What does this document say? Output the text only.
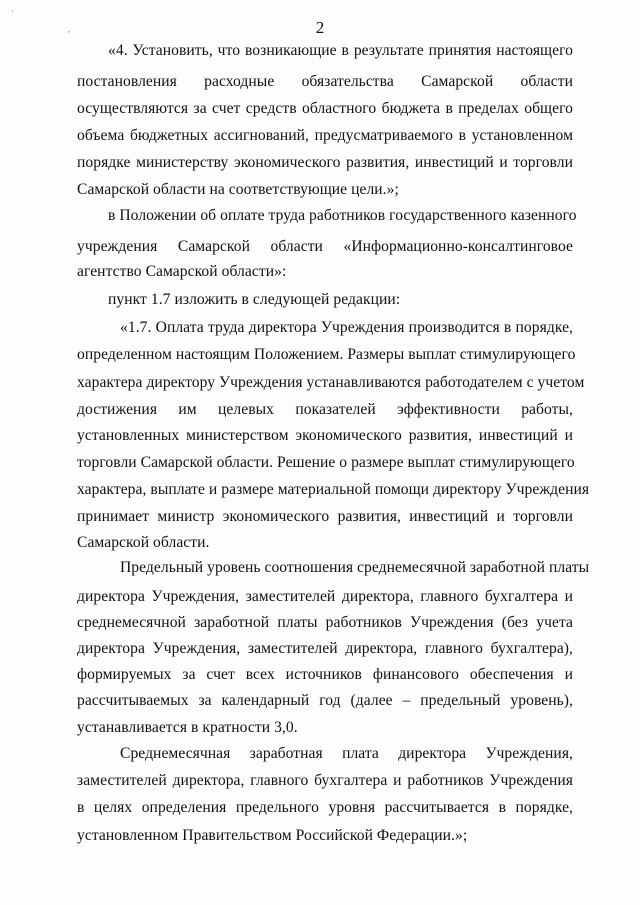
'
,	2
«4. Установить, что возникающие в результате принятия настоящего
постановления расходные обязательства Самарской области
осуществляются за счет средств областного бюджета в пределах общего
объема бюджетных ассигнований, предусматриваемого в установленном
порядке министерству экономического развития, инвестиций и торговли
Самарской области на соответствующие цели.»;
в Положении об оплате труда работников государственного казенного
учреждения Самарской области «Информационно-консалтинговое
агентство Самарской области»:
пункт 1.7 изложить в следующей редакции:
«1.7. Оплата труда директора Учреждения производится в порядке,
определенном настоящим Положением. Размеры выплат стимулирующего
характера директору Учреждения устанавливаются работодателем с учетом
достижения им целевых показателей эффективности работы,
установленных министерством экономического развития, инвестиций и
торговли Самарской области. Решение о размере выплат стимулирующего
характера, выплате и размере материальной помощи директору Учреждения
принимает министр экономического развития, инвестиций и торговли
Самарской области.
Предельный уровень соотношения среднемесячной заработной платы
директора Учреждения, заместителей директора, главного бухгалтера и
среднемесячной заработной платы работников Учреждения (без учета
директора Учреждения, заместителей директора, главного бухгалтера),
формируемых за счет всех источников финансового обеспечения и
рассчитываемых за календарный год (далее – предельный уровень),
устанавливается в кратности 3,0.
Среднемесячная заработная плата директора Учреждения,
заместителей директора, главного бухгалтера и работников Учреждения
в целях определения предельного уровня рассчитывается в порядке,
установленном Правительством Российской Федерации.»;
